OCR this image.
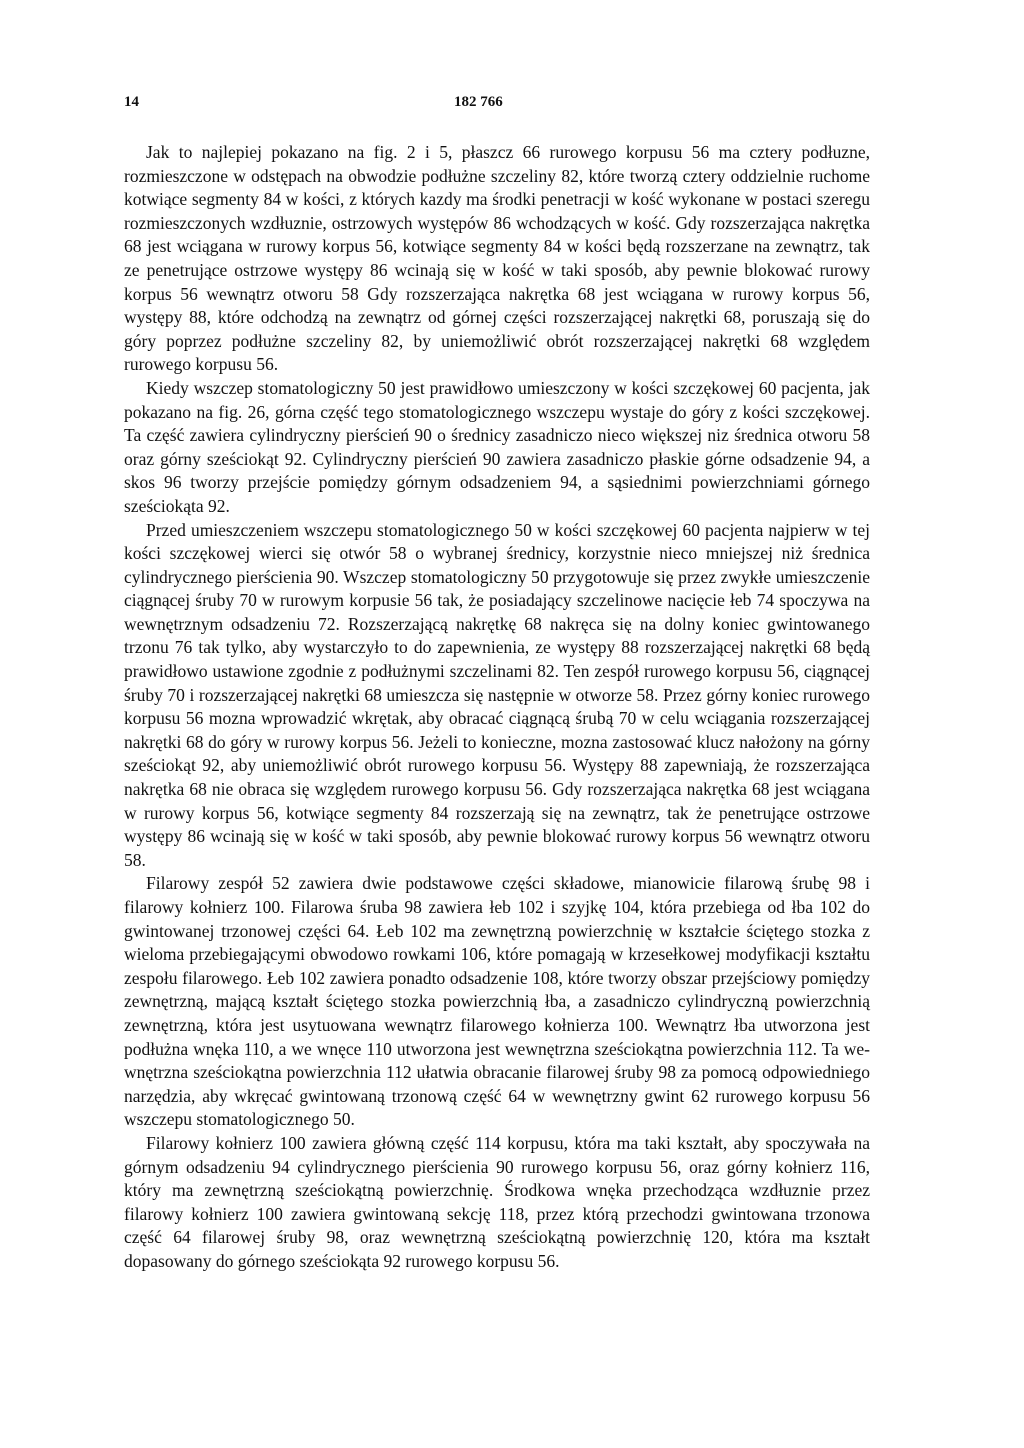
14	182 766

Jak to najlepiej pokazano na fig. 2 i 5, płaszcz 66 rurowego korpusu 56 ma cztery podłuzne, rozmieszczone w odstępach na obwodzie podłużne szczeliny 82, które tworzą cztery oddzielnie ruchome kotwiące segmenty 84 w kości, z których kazdy ma środki penetracji w kość wykonane w postaci szeregu rozmieszczonych wzdłuznie, ostrzowych występów 86 wchodzących w kość. Gdy rozszerzająca nakrętka 68 jest wciągana w rurowy korpus 56, kotwiące segmenty 84 w kości będą rozszerzane na zewnątrz, tak ze penetrujące ostrzowe występy 86 wcinają się w kość w taki sposób, aby pewnie blokować rurowy korpus 56 wewnątrz otworu 58 Gdy rozszerzająca nakrętka 68 jest wciągana w rurowy korpus 56, występy 88, które odchodzą na zewnątrz od górnej części rozszerzającej nakrętki 68, poruszają się do góry poprzez podłużne szczeliny 82, by uniemożliwić obrót rozszerzającej nakrętki 68 względem rurowego korpusu 56.

Kiedy wszczep stomatologiczny 50 jest prawidłowo umieszczony w kości szczękowej 60 pacjenta, jak pokazano na fig. 26, górna część tego stomatologicznego wszczepu wystaje do góry z kości szczękowej. Ta część zawiera cylindryczny pierścień 90 o średnicy zasadniczo nieco większej niz średnica otworu 58 oraz górny sześciokąt 92. Cylindryczny pierścień 90 zawiera zasadniczo płaskie górne odsadzenie 94, a skos 96 tworzy przejście pomiędzy górnym odsadzeniem 94, a sąsiednimi powierzchniami górnego sześciokąta 92.

Przed umieszczeniem wszczepu stomatologicznego 50 w kości szczękowej 60 pacjenta najpierw w tej kości szczękowej wierci się otwór 58 o wybranej średnicy, korzystnie nieco mniejszej niż średnica cylindrycznego pierścienia 90. Wszczep stomatologiczny 50 przygotowuje się przez zwykłe umieszczenie ciągnącej śruby 70 w rurowym korpusie 56 tak, że posiadający szczelinowe nacięcie łeb 74 spoczywa na wewnętrznym odsadzeniu 72. Rozszerzającą nakrętkę 68 nakręca się na dolny koniec gwintowanego trzonu 76 tak tylko, aby wystarczyło to do zapewnienia, ze występy 88 rozszerzającej nakrętki 68 będą prawidłowo ustawione zgodnie z podłużnymi szczelinami 82. Ten zespół rurowego korpusu 56, ciągnącej śruby 70 i rozszerzającej nakrętki 68 umieszcza się następnie w otworze 58. Przez górny koniec rurowego korpusu 56 mozna wprowadzić wkrętak, aby obracać ciągnącą śrubą 70 w celu wciągania rozszerzającej nakrętki 68 do góry w rurowy korpus 56. Jeżeli to konieczne, mozna zastosować klucz nałożony na górny sześciokąt 92, aby uniemożliwić obrót rurowego korpusu 56. Występy 88 zapewniają, że rozszerzająca nakrętka 68 nie obraca się względem rurowego korpusu 56. Gdy rozszerzająca nakrętka 68 jest wciągana w rurowy korpus 56, kotwiące segmenty 84 rozszerzają się na zewnątrz, tak że penetrujące ostrzowe występy 86 wcinają się w kość w taki sposób, aby pewnie blokować rurowy korpus 56 wewnątrz otworu 58.

Filarowy zespół 52 zawiera dwie podstawowe części składowe, mianowicie filarową śrubę 98 i filarowy kołnierz 100. Filarowa śruba 98 zawiera łeb 102 i szyjkę 104, która przebiega od łba 102 do gwintowanej trzonowej części 64. Łeb 102 ma zewnętrzną powierzchnię w kształcie ściętego stozka z wieloma przebiegającymi obwodowo rowkami 106, które pomagają w krzesełkowej modyfikacji kształtu zespołu filarowego. Łeb 102 zawiera ponadto odsadzenie 108, które tworzy obszar przejściowy pomiędzy zewnętrzną, mającą kształt ściętego stozka powierzchnią łba, a zasadniczo cylindryczną powierzchnią zewnętrzną, która jest usytuowana wewnątrz filarowego kołnierza 100. Wewnątrz łba utworzona jest podłużna wnęka 110, a we wnęce 110 utworzona jest wewnętrzna sześciokątna powierzchnia 112. Ta wewnętrzna sześciokątna powierzchnia 112 ułatwia obracanie filarowej śruby 98 za pomocą odpowiedniego narzędzia, aby wkręcać gwintowaną trzonową część 64 w wewnętrzny gwint 62 rurowego korpusu 56 wszczepu stomatologicznego 50.

Filarowy kołnierz 100 zawiera główną część 114 korpusu, która ma taki kształt, aby spoczywała na górnym odsadzeniu 94 cylindrycznego pierścienia 90 rurowego korpusu 56, oraz górny kołnierz 116, który ma zewnętrzną sześciokątną powierzchnię. Środkowa wnęka przechodząca wzdłuznie przez filarowy kołnierz 100 zawiera gwintowaną sekcję 118, przez którą przechodzi gwintowana trzonowa część 64 filarowej śruby 98, oraz wewnętrzną sześciokątną powierzchnię 120, która ma kształt dopasowany do górnego sześciokąta 92 rurowego korpusu 56.
